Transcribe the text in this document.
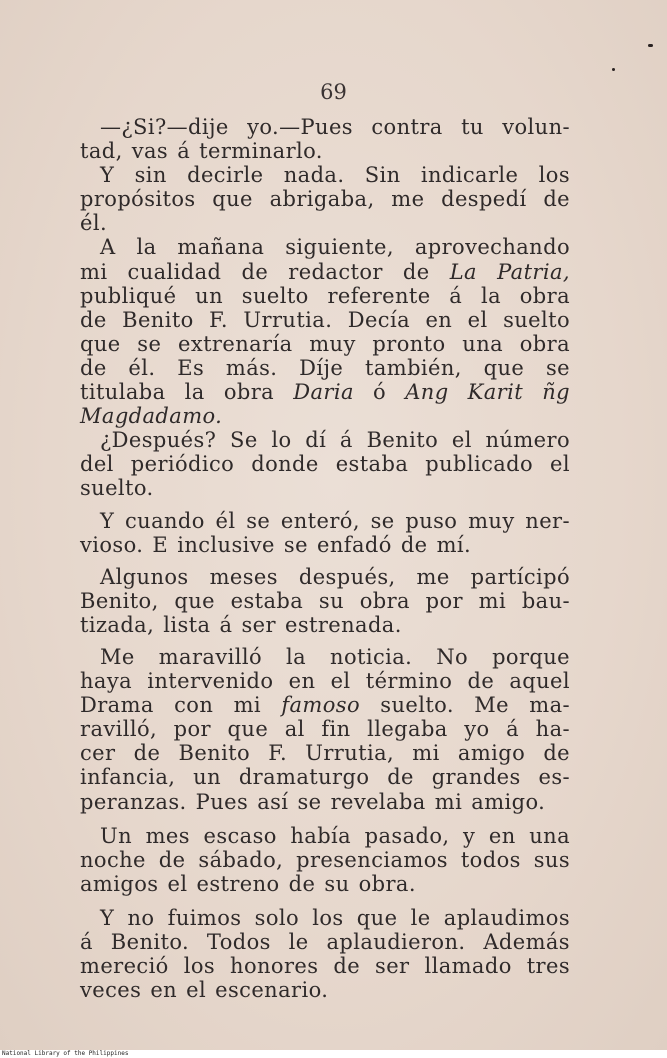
69
—¿Si?—dije yo.—Pues contra tu volun-
tad, vas á terminarlo.
Y sin decirle nada. Sin indicarle los
propósitos que abrigaba, me despedí de
él.
A la mañana siguiente, aprovechando
mi cualidad de redactor de La Patria,
publiqué un suelto referente á la obra
de Benito F. Urrutia. Decía en el suelto
que se extrenaría muy pronto una obra
de él. Es más. Díje también, que se
titulaba la obra Daria ó Ang Karit ñg
Magdadamo.
¿Después? Se lo dí á Benito el número
del periódico donde estaba publicado el
suelto.
Y cuando él se enteró, se puso muy ner-
vioso. E inclusive se enfadó de mí.
Algunos meses después, me partícipó
Benito, que estaba su obra por mi bau-
tizada, lista á ser estrenada.
Me maravilló la noticia. No porque
haya intervenido en el término de aquel
Drama con mi famoso suelto. Me ma-
ravilló, por que al fin llegaba yo á ha-
cer de Benito F. Urrutia, mi amigo de
infancia, un dramaturgo de grandes es-
peranzas. Pues así se revelaba mi amigo.
Un mes escaso había pasado, y en una
noche de sábado, presenciamos todos sus
amigos el estreno de su obra.
Y no fuimos solo los que le aplaudimos
á Benito. Todos le aplaudieron. Además
mereció los honores de ser llamado tres
veces en el escenario.
National Library of the Philippines
